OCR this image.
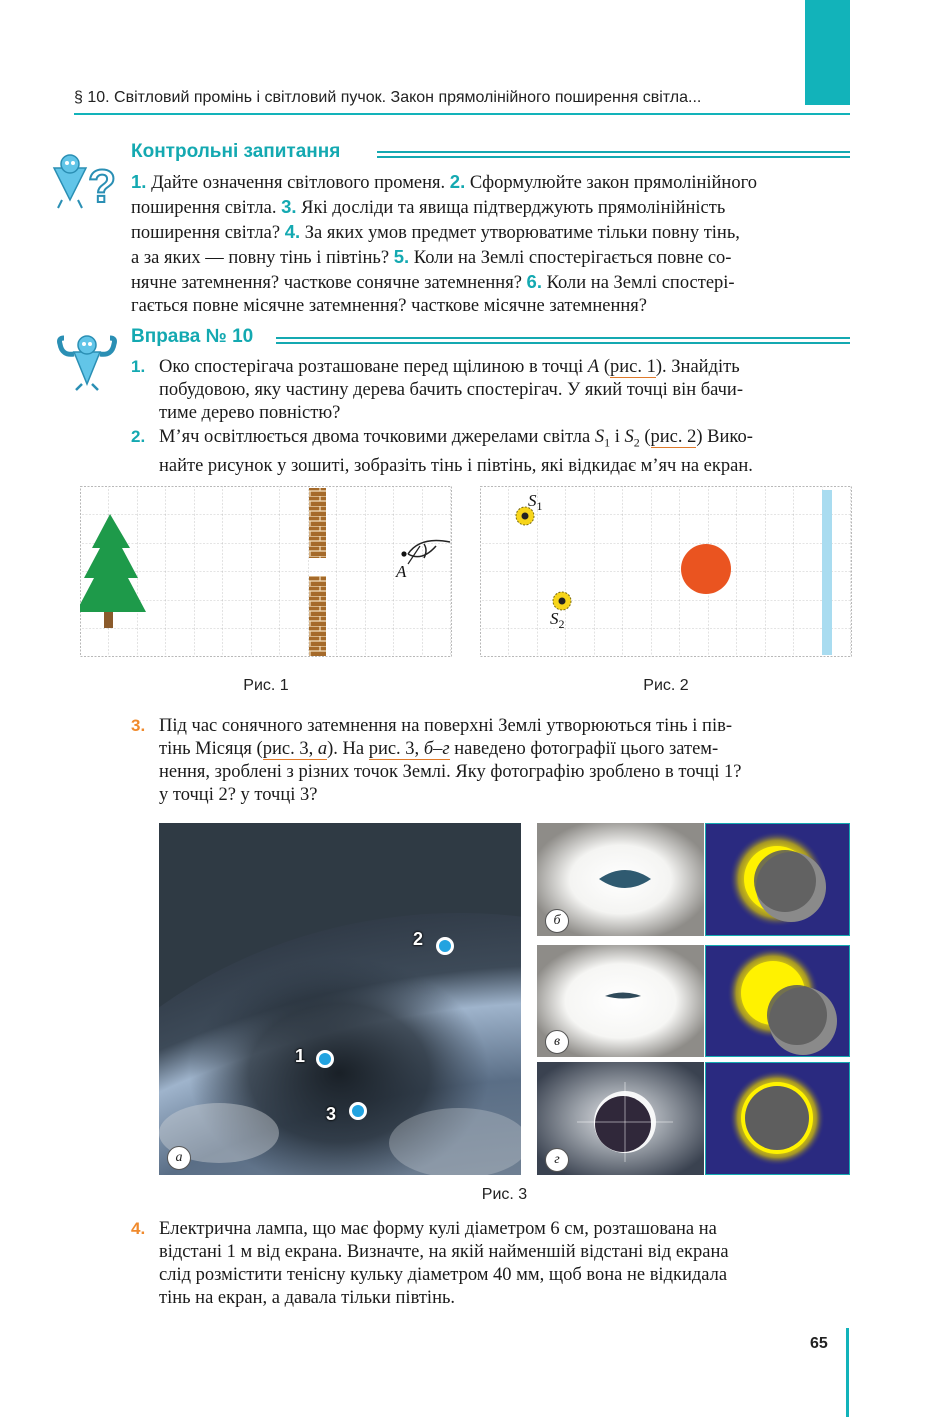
§ 10. Світловий промінь і світловий пучок. Закон прямолінійного поширення світла...
?
Контрольні запитання
1. Дайте означення світлового променя. 2. Сформулюйте закон прямолінійного
поширення світла. 3. Які досліди та явища підтверджують прямолінійність
поширення світла? 4. За яких умов предмет утворюватиме тільки повну тінь,
а за яких — повну тінь і півтінь? 5. Коли на Землі спостерігається повне со-
нячне затемнення? часткове сонячне затемнення? 6. Коли на Землі спостері-
гається повне місячне затемнення? часткове місячне затемнення?
Вправа № 10
1. Око спостерігача розташоване перед щілиною в точці A (рис. 1). Знайдіть
побудовою, яку частину дерева бачить спостерігач. У який точці він бачи-
тиме дерево повністю?
2. М’яч освітлюється двома точковими джерелами світла $S_1$ і $S_2$ (рис. 2) Вико-
найте рисунок у зошиті, зобразіть тінь і півтінь, які відкидає м’яч на екран.
A
Рис. 1
$S_1$
$S_2$
Рис. 2
3. Під час сонячного затемнення на поверхні Землі утворюються тінь і пів-
тінь Місяця (рис. 3, а). На рис. 3, б–г наведено фотографії цього затем-
нення, зроблені з різних точок Землі. Яку фотографію зроблено в точці 1?
у точці 2? у точці 3?
2
1
3
а
б
в
г
Рис. 3
4. Електрична лампа, що має форму кулі діаметром 6 см, розташована на
відстані 1 м від екрана. Визначте, на якій найменшій відстані від екрана
слід розмістити тенісну кульку діаметром 40 мм, щоб вона не відкидала
тінь на екран, а давала тільки півтінь.
65
